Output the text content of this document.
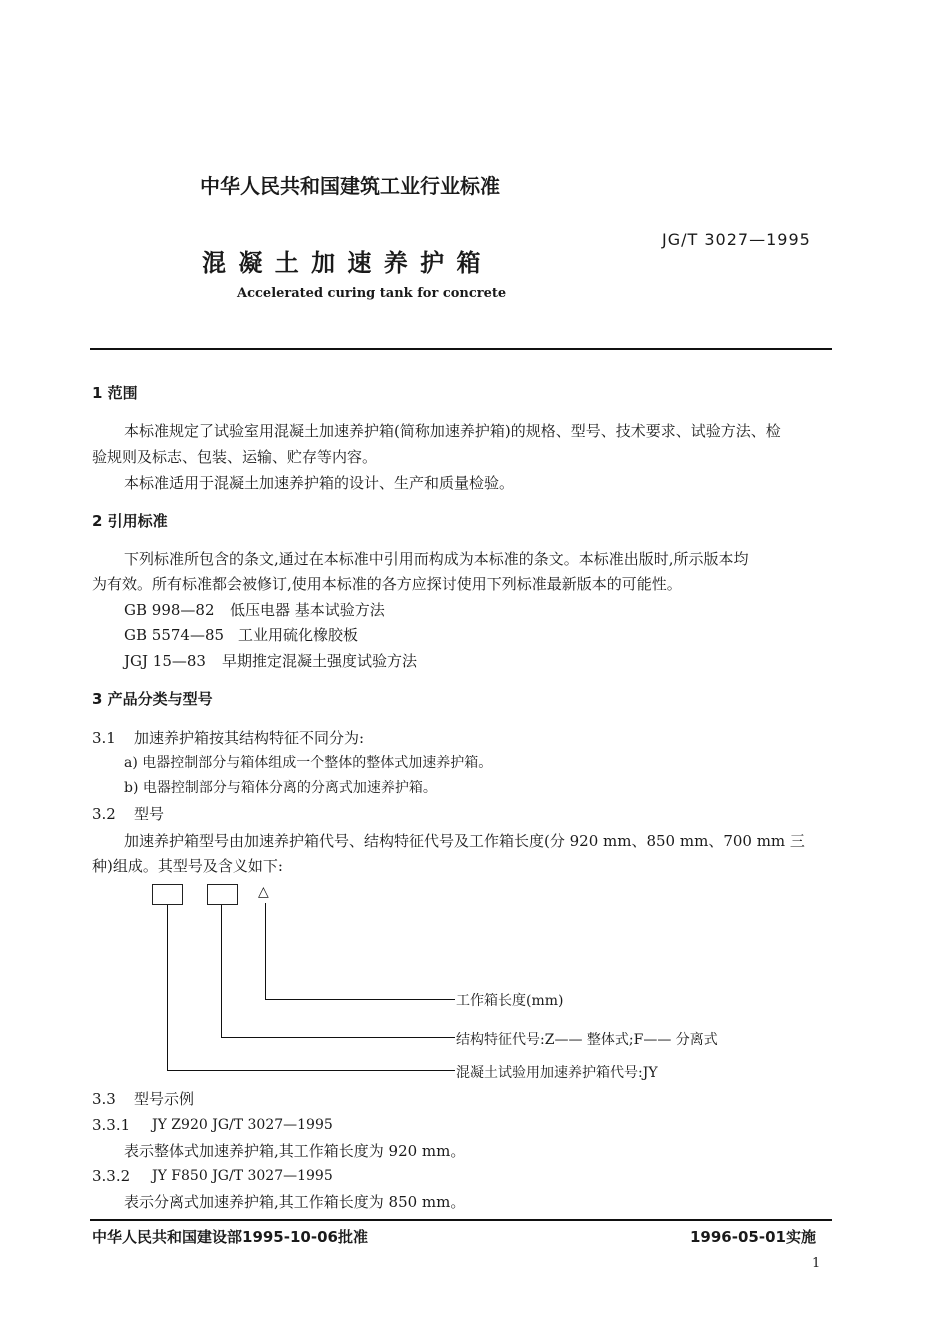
中华人民共和国建筑工业行业标准
JG/T 3027—1995
混 凝 土 加 速 养 护 箱
Accelerated curing tank for concrete
1 范围
本标准规定了试验室用混凝土加速养护箱(简称加速养护箱)的规格、型号、技术要求、试验方法、检
验规则及标志、包装、运输、贮存等内容。
本标准适用于混凝土加速养护箱的设计、生产和质量检验。
2 引用标准
下列标准所包含的条文,通过在本标准中引用而构成为本标准的条文。本标准出版时,所示版本均
为有效。所有标准都会被修订,使用本标准的各方应探讨使用下列标准最新版本的可能性。
GB 998—82 低压电器 基本试验方法
GB 5574—85 工业用硫化橡胶板
JGJ 15—83 早期推定混凝土强度试验方法
3 产品分类与型号
3.1 加速养护箱按其结构特征不同分为:
a) 电器控制部分与箱体组成一个整体的整体式加速养护箱。
b) 电器控制部分与箱体分离的分离式加速养护箱。
3.2 型号
加速养护箱型号由加速养护箱代号、结构特征代号及工作箱长度(分 920 mm、850 mm、700 mm 三
种)组成。其型号及含义如下:
△
工作箱长度(mm)
结构特征代号:Z—— 整体式;F—— 分离式
混凝土试验用加速养护箱代号:JY
3.3 型号示例
3.3.1 JY Z920 JG/T 3027—1995
表示整体式加速养护箱,其工作箱长度为 920 mm。
3.3.2 JY F850 JG/T 3027—1995
表示分离式加速养护箱,其工作箱长度为 850 mm。
中华人民共和国建设部1995-10-06批准	1996-05-01实施
1
